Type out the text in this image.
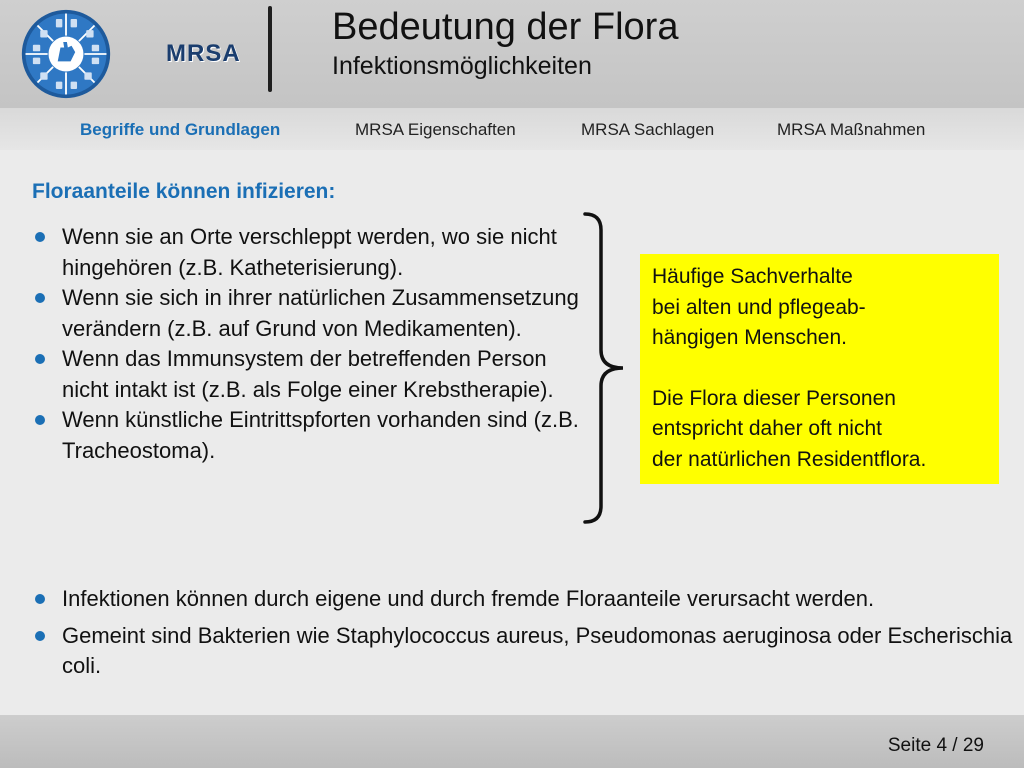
MRSA
Bedeutung der Flora
Infektionsmöglichkeiten
Begriffe und Grundlagen	MRSA Eigenschaften	MRSA Sachlagen	MRSA Maßnahmen
Floraanteile können infizieren:
Wenn sie an Orte verschleppt werden, wo sie nicht hingehören (z.B. Katheterisierung).
Wenn sie sich in ihrer natürlichen Zusammensetzung verändern (z.B. auf Grund von Medikamenten).
Wenn das Immunsystem der betreffenden Person nicht intakt ist (z.B. als Folge einer Krebstherapie).
Wenn künstliche Eintrittspforten vorhanden sind (z.B. Tracheostoma).
Häufige Sachverhalte
bei alten und pflegeab-
hängigen Menschen.
Die Flora dieser Personen
entspricht daher oft nicht
der natürlichen Residentflora.
Infektionen können durch eigene und durch fremde Floraanteile verursacht werden.
Gemeint sind Bakterien wie Staphylococcus aureus, Pseudomonas aeruginosa oder Escherischia coli.
Seite 4 / 29
